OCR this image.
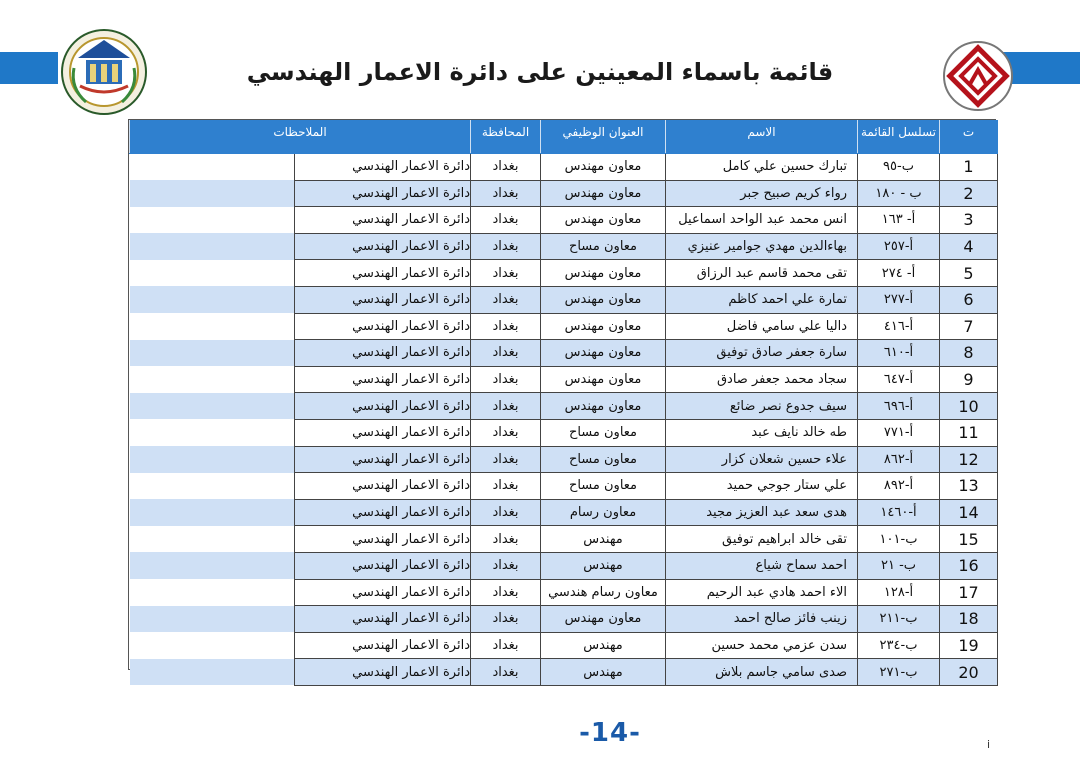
قائمة باسماء المعينين على دائرة الاعمار الهندسي
ت	تسلسل القائمة	الاسم	العنوان الوظيفي	المحافظة	الملاحظات	
1	ب-٩٥	تبارك حسين علي كامل	معاون مهندس	بغداد	دائرة الاعمار الهندسي	
2	ب - ١٨٠	رواء كريم صبيح جبر	معاون مهندس	بغداد	دائرة الاعمار الهندسي	
3	أ- ١٦٣	انس محمد عبد الواحد اسماعيل	معاون مهندس	بغداد	دائرة الاعمار الهندسي	
4	أ-٢٥٧	بهاءالدين مهدي جوامير عنيزي	معاون مساح	بغداد	دائرة الاعمار الهندسي	
5	أ- ٢٧٤	تقى محمد قاسم عبد الرزاق	معاون مهندس	بغداد	دائرة الاعمار الهندسي	
6	أ-٢٧٧	تمارة علي احمد كاظم	معاون مهندس	بغداد	دائرة الاعمار الهندسي	
7	أ-٤١٦	داليا علي سامي فاضل	معاون مهندس	بغداد	دائرة الاعمار الهندسي	
8	أ-٦١٠	سارة جعفر صادق توفيق	معاون مهندس	بغداد	دائرة الاعمار الهندسي	
9	أ-٦٤٧	سجاد محمد جعفر صادق	معاون مهندس	بغداد	دائرة الاعمار الهندسي	
10	أ-٦٩٦	سيف جدوع نصر ضائع	معاون مهندس	بغداد	دائرة الاعمار الهندسي	
11	أ-٧٧١	طه خالد نايف عبد	معاون مساح	بغداد	دائرة الاعمار الهندسي	
12	أ-٨٦٢	علاء حسين شعلان كزار	معاون مساح	بغداد	دائرة الاعمار الهندسي	
13	أ-٨٩٢	علي ستار جوجي حميد	معاون مساح	بغداد	دائرة الاعمار الهندسي	
14	أ-١٤٦٠	هدى سعد عبد العزيز مجيد	معاون رسام	بغداد	دائرة الاعمار الهندسي	
15	ب-١٠١	تقى خالد ابراهيم توفيق	مهندس	بغداد	دائرة الاعمار الهندسي	
16	ب- ٢١	احمد سماح شياع	مهندس	بغداد	دائرة الاعمار الهندسي	
17	أ-١٢٨	الاء احمد هادي عبد الرحيم	معاون رسام هندسي	بغداد	دائرة الاعمار الهندسي	
18	ب-٢١١	زينب فائز صالح احمد	معاون مهندس	بغداد	دائرة الاعمار الهندسي	
19	ب-٢٣٤	سدن عزمي محمد حسين	مهندس	بغداد	دائرة الاعمار الهندسي	
20	ب-٢٧١	صدى سامي جاسم بلاش	مهندس	بغداد	دائرة الاعمار الهندسي	
-14-	i
